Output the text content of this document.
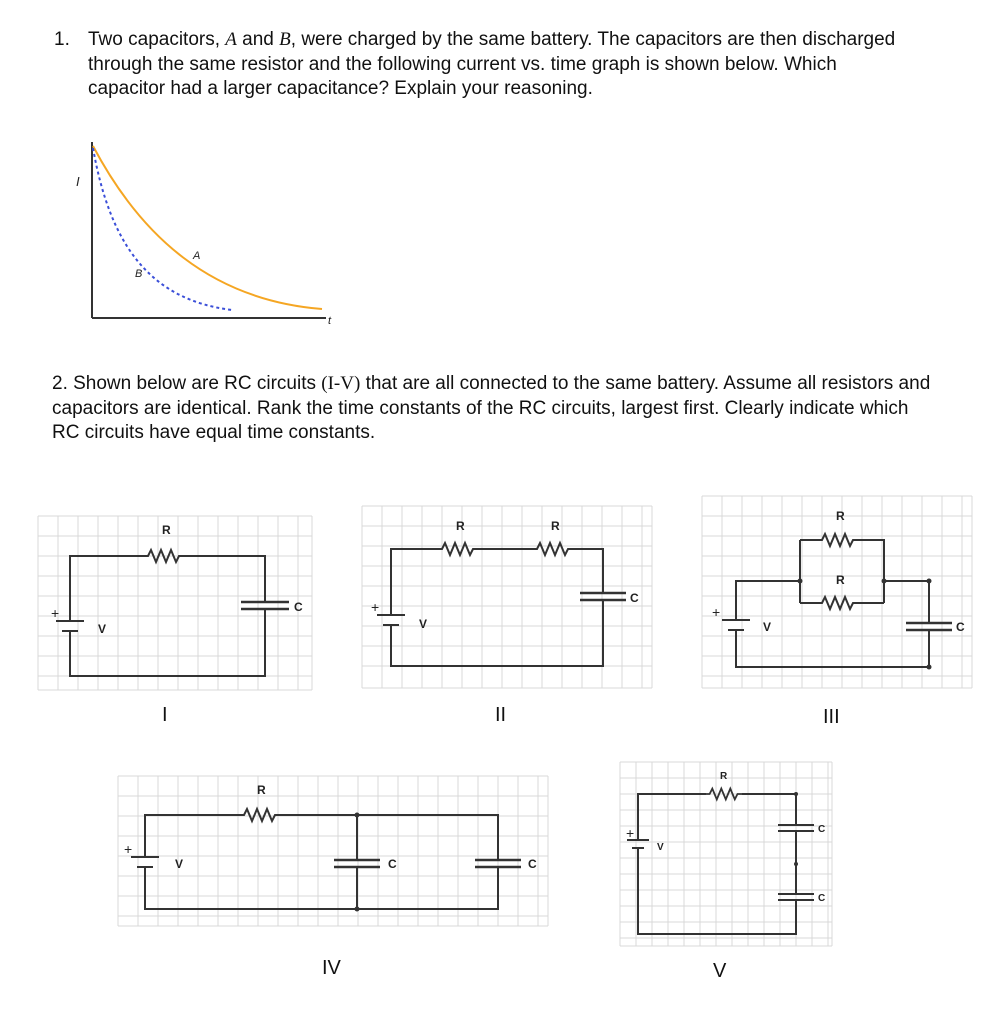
1. Two capacitors, A and B, were charged by the same battery. The capacitors are then discharged through the same resistor and the following current vs. time graph is shown below. Which capacitor had a larger capacitance? Explain your reasoning.
2. Shown below are RC circuits (I-V) that are all connected to the same battery. Assume all resistors and capacitors are identical. Rank the time constants of the RC circuits, largest first. Clearly indicate which RC circuits have equal time constants.
I
t
A
B
+
R
C
V
I
+
R	R
C
V
II
+
R
R
C
V
III
+
R
C	C
V
IV
+
R
C
C
V
V
